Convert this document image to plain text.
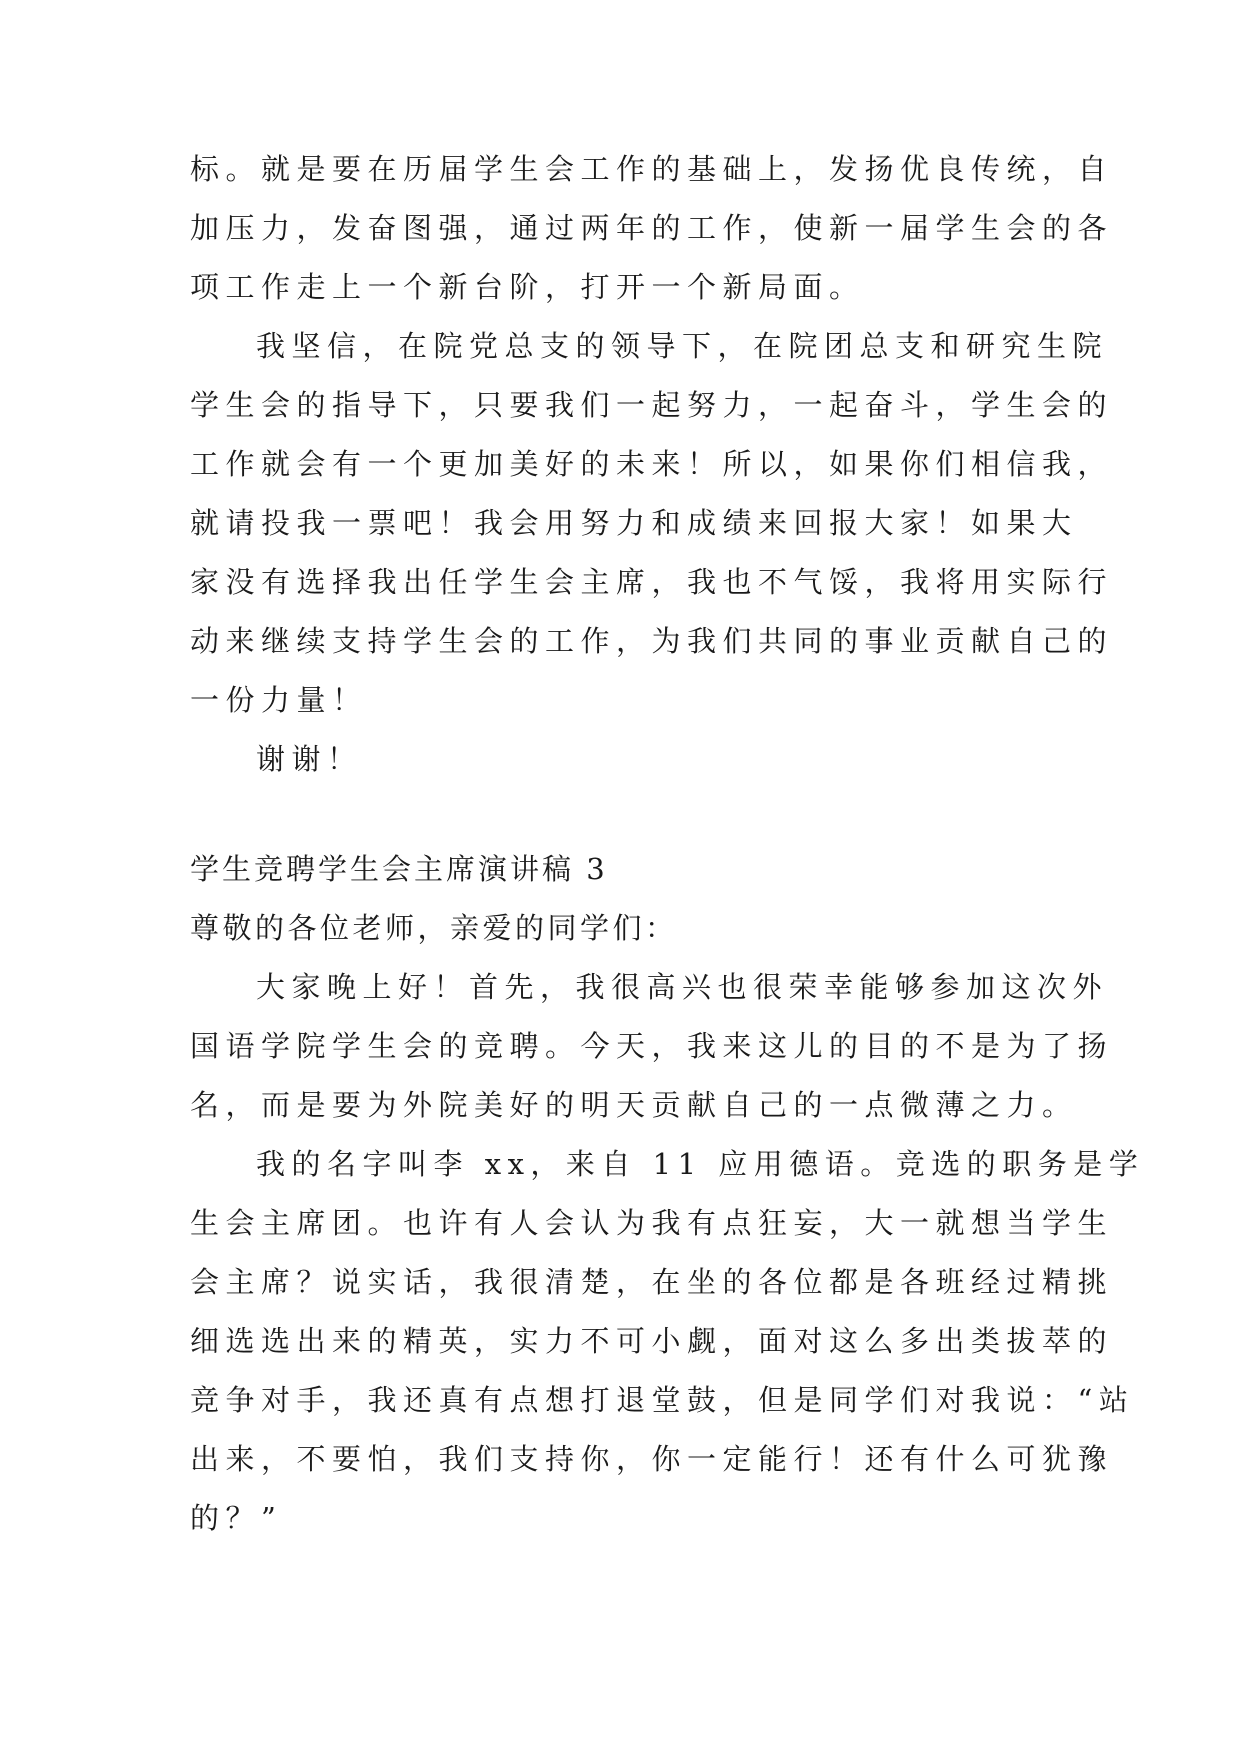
标。就是要在历届学生会工作的基础上，发扬优良传统，自

加压力，发奋图强，通过两年的工作，使新一届学生会的各

项工作走上一个新台阶，打开一个新局面。

我坚信，在院党总支的领导下，在院团总支和研究生院

学生会的指导下，只要我们一起努力，一起奋斗，学生会的

工作就会有一个更加美好的未来！所以，如果你们相信我，

就请投我一票吧！我会用努力和成绩来回报大家！如果大

家没有选择我出任学生会主席，我也不气馁，我将用实际行

动来继续支持学生会的工作，为我们共同的事业贡献自己的

一份力量！

谢谢！

学生竞聘学生会主席演讲稿 3

尊敬的各位老师，亲爱的同学们：

大家晚上好！首先，我很高兴也很荣幸能够参加这次外

国语学院学生会的竞聘。今天，我来这儿的目的不是为了扬

名，而是要为外院美好的明天贡献自己的一点微薄之力。

我的名字叫李 xx，来自 11 应用德语。竞选的职务是学

生会主席团。也许有人会认为我有点狂妄，大一就想当学生

会主席？说实话，我很清楚，在坐的各位都是各班经过精挑

细选选出来的精英，实力不可小觑，面对这么多出类拔萃的

竞争对手，我还真有点想打退堂鼓，但是同学们对我说：“站

出来，不要怕，我们支持你，你一定能行！还有什么可犹豫

的？”
